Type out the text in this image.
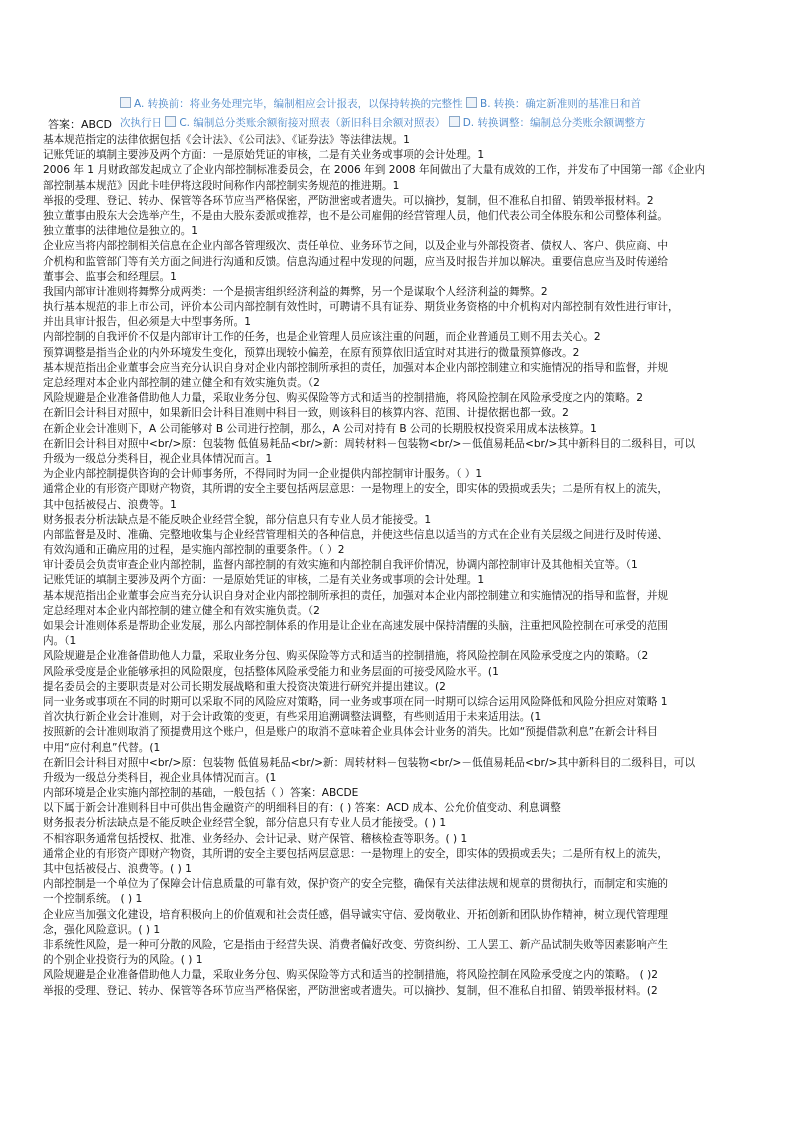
A. 转换前：将业务处理完毕，编制相应会计报表，以保持转换的完整性 B. 转换：确定新准则的基准日和首
次执行日 C. 编制总分类账余额衔接对照表（新旧科目余额对照表） D. 转换调整：编制总分类账余额调整方
答案：ABCD
基本规范指定的法律依据包括《会计法》、《公司法》、《证券法》等法律法规。1
记账凭证的填制主要涉及两个方面：一是原始凭证的审核，二是有关业务或事项的会计处理。1
2006 年 1 月财政部发起成立了企业内部控制标准委员会，在 2006 年到 2008 年间做出了大量有成效的工作，并发布了中国第一部《企业内
部控制基本规范》因此卡哇伊将这段时间称作内部控制实务规范的推进期。1
举报的受理、登记、转办、保管等各环节应当严格保密，严防泄密或者遗失。可以摘抄，复制，但不准私自扣留、销毁举报材料。2
独立董事由股东大会选举产生，不是由大股东委派或推荐，也不是公司雇佣的经营管理人员，他们代表公司全体股东和公司整体利益。
独立董事的法律地位是独立的。1
企业应当将内部控制相关信息在企业内部各管理级次、责任单位、业务环节之间，以及企业与外部投资者、债权人、客户、供应商、中
介机构和监管部门等有关方面之间进行沟通和反馈。信息沟通过程中发现的问题，应当及时报告并加以解决。重要信息应当及时传递给
董事会、监事会和经理层。1
我国内部审计准则将舞弊分成两类：一个是损害组织经济利益的舞弊，另一个是谋取个人经济利益的舞弊。2
执行基本规范的非上市公司，评价本公司内部控制有效性时，可聘请不具有证券、期货业务资格的中介机构对内部控制有效性进行审计，
并出具审计报告，但必须是大中型事务所。1
内部控制的自我评价不仅是内部审计工作的任务，也是企业管理人员应该注重的问题，而企业普通员工则不用去关心。2
预算调整是指当企业的内外环境发生变化，预算出现较小偏差，在原有预算依旧适宜时对其进行的微量预算修改。2
基本规范指出企业董事会应当充分认识自身对企业内部控制所承担的责任，加强对本企业内部控制建立和实施情况的指导和监督，并规
定总经理对本企业内部控制的建立健全和有效实施负责。（2
风险规避是企业准备借助他人力量，采取业务分包、购买保险等方式和适当的控制措施，将风险控制在风险承受度之内的策略。2
在新旧会计科目对照中，如果新旧会计科目准则中科目一致，则该科目的核算内容、范围、计提依据也都一致。2
在新企业会计准则下，A 公司能够对 B 公司进行控制，那么，A 公司对持有 B 公司的长期股权投资采用成本法核算。1
在新旧会计科目对照中<br/>原：包装物 低值易耗品<br/>新：周转材料－包装物<br/>－低值易耗品<br/>其中新科目的二级科目，可以
升级为一级总分类科目，视企业具体情况而言。1
为企业内部控制提供咨询的会计师事务所，不得同时为同一企业提供内部控制审计服务。（ ）1
通常企业的有形资产即财产物资，其所谓的安全主要包括两层意思：一是物理上的安全，即实体的毁损或丢失；二是所有权上的流失，
其中包括被侵占、浪费等。1
财务报表分析法缺点是不能反映企业经营全貌，部分信息只有专业人员才能接受。1
内部监督是及时、准确、完整地收集与企业经营管理相关的各种信息，并使这些信息以适当的方式在企业有关层级之间进行及时传递、
有效沟通和正确应用的过程，是实施内部控制的重要条件。（ ）2
审计委员会负责审查企业内部控制，监督内部控制的有效实施和内部控制自我评价情况，协调内部控制审计及其他相关宜等。（1
记账凭证的填制主要涉及两个方面：一是原始凭证的审核，二是有关业务或事项的会计处理。1
基本规范指出企业董事会应当充分认识自身对企业内部控制所承担的责任，加强对本企业内部控制建立和实施情况的指导和监督，并规
定总经理对本企业内部控制的建立健全和有效实施负责。（2
如果会计准则体系是帮助企业发展，那么内部控制体系的作用是让企业在高速发展中保持清醒的头脑，注重把风险控制在可承受的范围
内。（1
风险规避是企业准备借助他人力量，采取业务分包、购买保险等方式和适当的控制措施，将风险控制在风险承受度之内的策略。（2
风险承受度是企业能够承担的风险限度，包括整体风险承受能力和业务层面的可接受风险水平。(1
提名委员会的主要职责是对公司长期发展战略和重大投资决策进行研究并提出建议。(2
同一业务或事项在不同的时期可以采取不同的风险应对策略，同一业务或事项在同一时期可以综合运用风险降低和风险分担应对策略 1
首次执行新企业会计准则，对于会计政策的变更，有些采用追溯调整法调整，有些则适用于未来适用法。(1
按照新的会计准则取消了预提费用这个账户，但是账户的取消不意味着企业具体会计业务的消失。比如“预提借款利息”在新会计科目
中用“应付利息”代替。(1
在新旧会计科目对照中<br/>原：包装物 低值易耗品<br/>新：周转材料－包装物<br/>－低值易耗品<br/>其中新科目的二级科目，可以
升级为一级总分类科目，视企业具体情况而言。(1
内部环境是企业实施内部控制的基础，一般包括（ ）答案：ABCDE
以下属于新会计准则科目中可供出售金融资产的明细科目的有：( ) 答案：ACD 成本、公允价值变动、利息调整
财务报表分析法缺点是不能反映企业经营全貌，部分信息只有专业人员才能接受。( ) 1
不相容职务通常包括授权、批准、业务经办、会计记录、财产保管、稽核检查等职务。( ) 1
通常企业的有形资产即财产物资，其所谓的安全主要包括两层意思：一是物理上的安全，即实体的毁损或丢失；二是所有权上的流失，
其中包括被侵占、浪费等。( ) 1
内部控制是一个单位为了保障会计信息质量的可靠有效，保护资产的安全完整，确保有关法律法规和规章的贯彻执行，而制定和实施的
一个控制系统。 ( ) 1
企业应当加强文化建设，培育积极向上的价值观和社会责任感，倡导诚实守信、爱岗敬业、开拓创新和团队协作精神，树立现代管理理
念，强化风险意识。( ) 1
非系统性风险，是一种可分散的风险，它是指由于经营失误、消费者偏好改变、劳资纠纷、工人罢工、新产品试制失败等因素影响产生
的个别企业投资行为的风险。( ) 1
风险规避是企业准备借助他人力量，采取业务分包、购买保险等方式和适当的控制措施，将风险控制在风险承受度之内的策略。 ( )2
举报的受理、登记、转办、保管等各环节应当严格保密，严防泄密或者遗失。可以摘抄、复制，但不准私自扣留、销毁举报材料。(2
